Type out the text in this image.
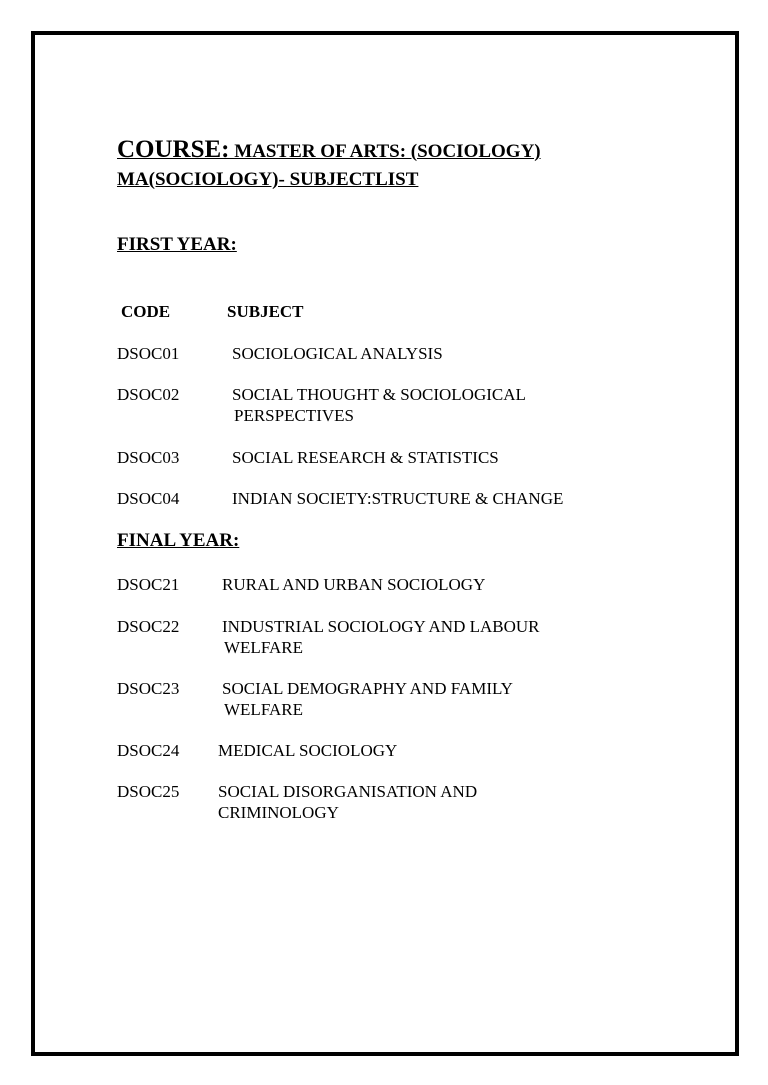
COURSE: MASTER OF ARTS: (SOCIOLOGY)
MA(SOCIOLOGY)- SUBJECTLIST
FIRST YEAR:
CODE	SUBJECT
DSOC01	SOCIOLOGICAL ANALYSIS
DSOC02	SOCIAL THOUGHT & SOCIOLOGICAL
PERSPECTIVES
DSOC03	SOCIAL RESEARCH & STATISTICS
DSOC04	INDIAN SOCIETY:STRUCTURE & CHANGE
FINAL YEAR:
DSOC21	RURAL AND URBAN SOCIOLOGY
DSOC22	INDUSTRIAL SOCIOLOGY AND LABOUR
WELFARE
DSOC23	SOCIAL DEMOGRAPHY AND FAMILY
WELFARE
DSOC24 MEDICAL SOCIOLOGY
DSOC25 SOCIAL DISORGANISATION AND
CRIMINOLOGY
